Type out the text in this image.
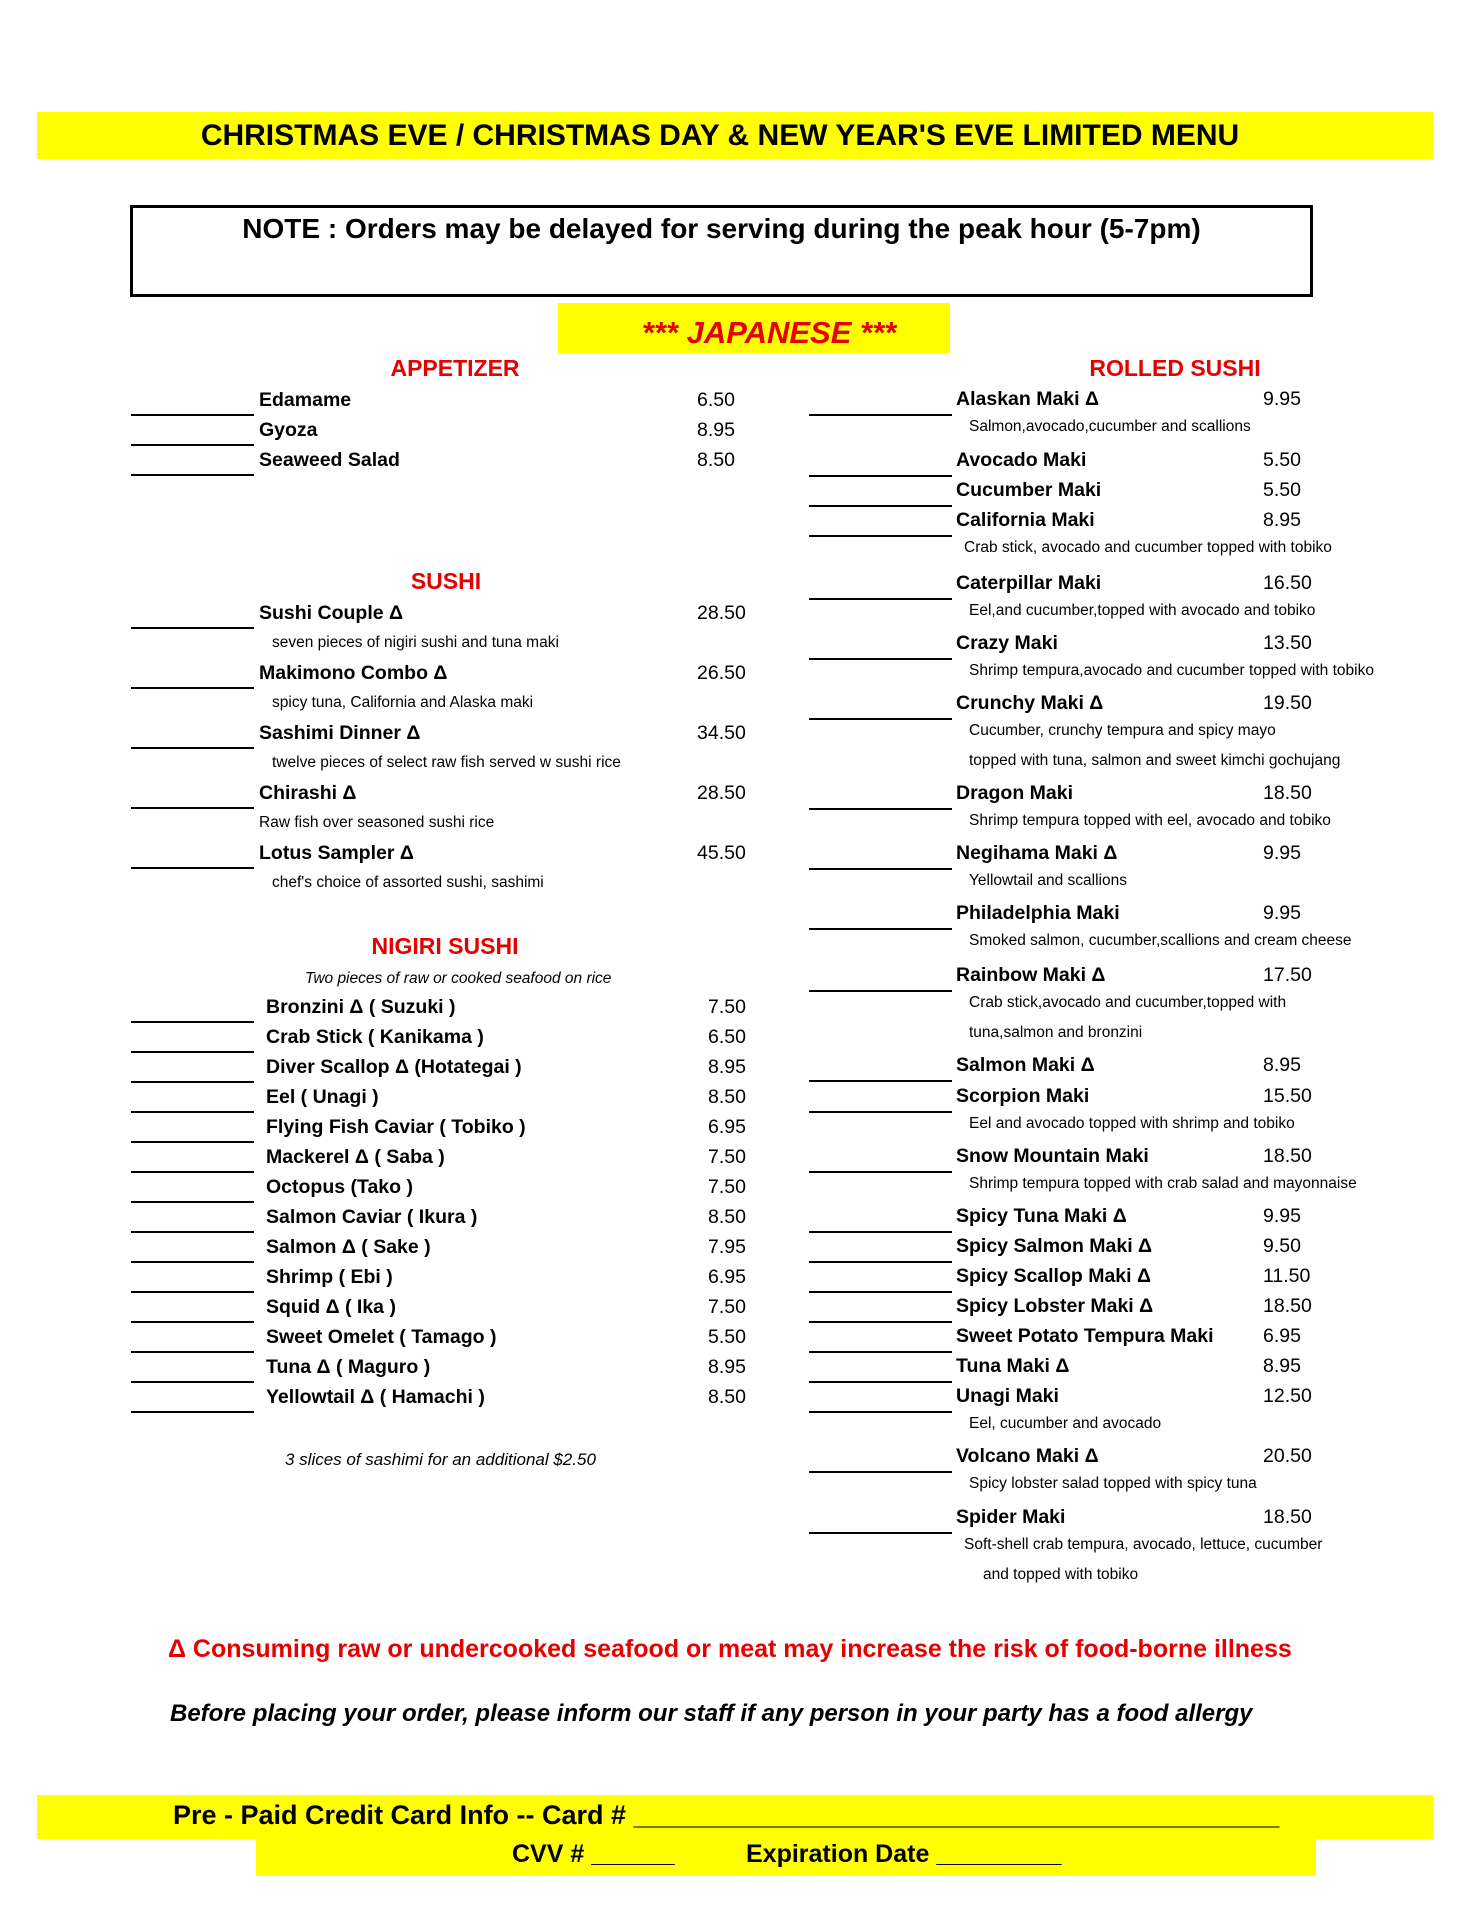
CHRISTMAS EVE / CHRISTMAS DAY & NEW YEAR'S EVE LIMITED MENU
NOTE : Orders may be delayed for serving during the peak hour (5-7pm)
*** JAPANESE ***
APPETIZER
SUSHI
NIGIRI SUSHI
Two pieces of raw or cooked seafood on rice
3 slices of sashimi for an additional $2.50
ROLLED SUSHI
Edamame	6.50
Gyoza	8.95
Seaweed Salad	8.50
Sushi Couple Δ	28.50
seven pieces of nigiri sushi and tuna maki
Makimono Combo Δ	26.50
spicy tuna, California and Alaska maki
Sashimi Dinner Δ	34.50
twelve pieces of select raw fish served w sushi rice
Chirashi Δ	28.50
Raw fish over seasoned sushi rice
Lotus Sampler Δ	45.50
chef's choice of assorted sushi, sashimi
Bronzini Δ ( Suzuki )	7.50
Crab Stick ( Kanikama )	6.50
Diver Scallop Δ (Hotategai )	8.95
Eel ( Unagi )	8.50
Flying Fish Caviar ( Tobiko )	6.95
Mackerel Δ ( Saba )	7.50
Octopus (Tako )	7.50
Salmon Caviar ( Ikura )	8.50
Salmon Δ ( Sake )	7.95
Shrimp ( Ebi )	6.95
Squid Δ ( Ika )	7.50
Sweet Omelet ( Tamago )	5.50
Tuna Δ ( Maguro )	8.95
Yellowtail Δ ( Hamachi )	8.50
Alaskan Maki Δ	9.95
Salmon,avocado,cucumber and scallions
Avocado Maki	5.50
Cucumber Maki	5.50
California Maki	8.95
Crab stick, avocado and cucumber topped with tobiko
Caterpillar Maki	16.50
Eel,and cucumber,topped with avocado and tobiko
Crazy Maki	13.50
Shrimp tempura,avocado and cucumber topped with tobiko
Crunchy Maki Δ	19.50
Cucumber, crunchy tempura and spicy mayo
topped with tuna, salmon and sweet kimchi gochujang
Dragon Maki	18.50
Shrimp tempura topped with eel, avocado and tobiko
Negihama Maki Δ	9.95
Yellowtail and scallions
Philadelphia Maki	9.95
Smoked salmon, cucumber,scallions and cream cheese
Rainbow Maki Δ	17.50
Crab stick,avocado and cucumber,topped with
tuna,salmon and bronzini
Salmon Maki Δ	8.95
Scorpion Maki	15.50
Eel and avocado topped with shrimp and tobiko
Snow Mountain Maki	18.50
Shrimp tempura topped with crab salad and mayonnaise
Spicy Tuna Maki Δ	9.95
Spicy Salmon Maki Δ	9.50
Spicy Scallop Maki Δ	11.50
Spicy Lobster Maki Δ	18.50
Sweet Potato Tempura Maki	6.95
Tuna Maki Δ	8.95
Unagi Maki	12.50
Eel, cucumber and avocado
Volcano Maki Δ	20.50
Spicy lobster salad topped with spicy tuna
Spider Maki	18.50
Soft-shell crab tempura, avocado, lettuce, cucumber
and topped with tobiko
Δ Consuming raw or undercooked seafood or meat may increase the risk of food-borne illness
Before placing your order, please inform our staff if any person in your party has a food allergy
Pre - Paid Credit Card Info -- Card # ___________________________________________
CVV # ______	Expiration Date _________
